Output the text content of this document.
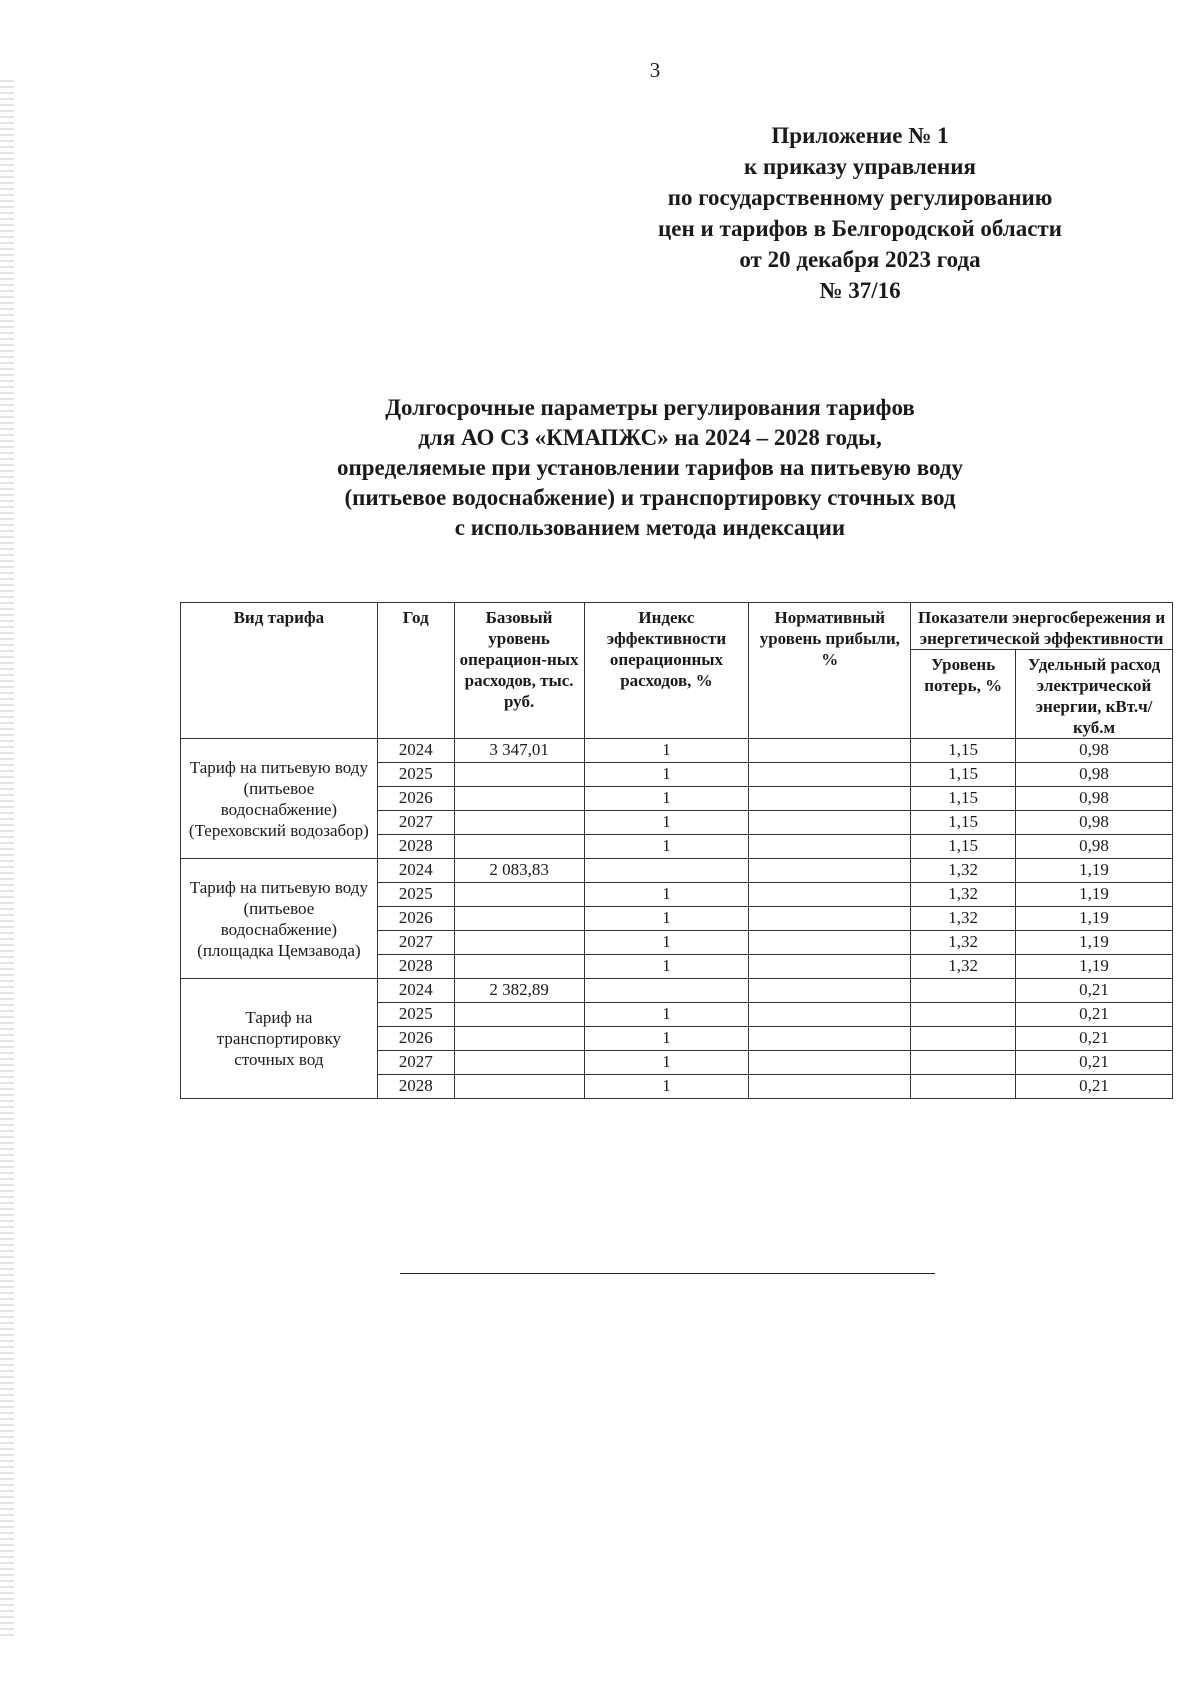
3
Приложение № 1
к приказу управления
по государственному регулированию
цен и тарифов в Белгородской области
от 20 декабря 2023 года
№ 37/16
Долгосрочные параметры регулирования тарифов
для АО СЗ «КМАПЖС» на 2024 – 2028 годы,
определяемые при установлении тарифов на питьевую воду
(питьевое водоснабжение) и транспортировку сточных вод
с использованием метода индексации
Вид тарифа	Год	Базовый уровень операцион-ных расходов, тыс. руб.	Индекс эффективности операционных расходов, %	Нормативный уровень прибыли, %	Показатели энергосбережения и энергетической эффективности	
					Уровень потерь, %	Удельный расход электрической энергии, кВт.ч/куб.м
Тариф на питьевую воду (питьевое водоснабжение) (Тереховский водозабор)	2024	3 347,01	1		1,15	0,98
	2025		1		1,15	0,98
	2026		1		1,15	0,98
	2027		1		1,15	0,98
	2028		1		1,15	0,98
Тариф на питьевую воду (питьевое водоснабжение) (площадка Цемзавода)	2024	2 083,83			1,32	1,19
	2025		1		1,32	1,19
	2026		1		1,32	1,19
	2027		1		1,32	1,19
	2028		1		1,32	1,19
Тариф на транспортировку сточных вод	2024	2 382,89				0,21
	2025		1			0,21
	2026		1			0,21
	2027		1			0,21
	2028		1			0,21
